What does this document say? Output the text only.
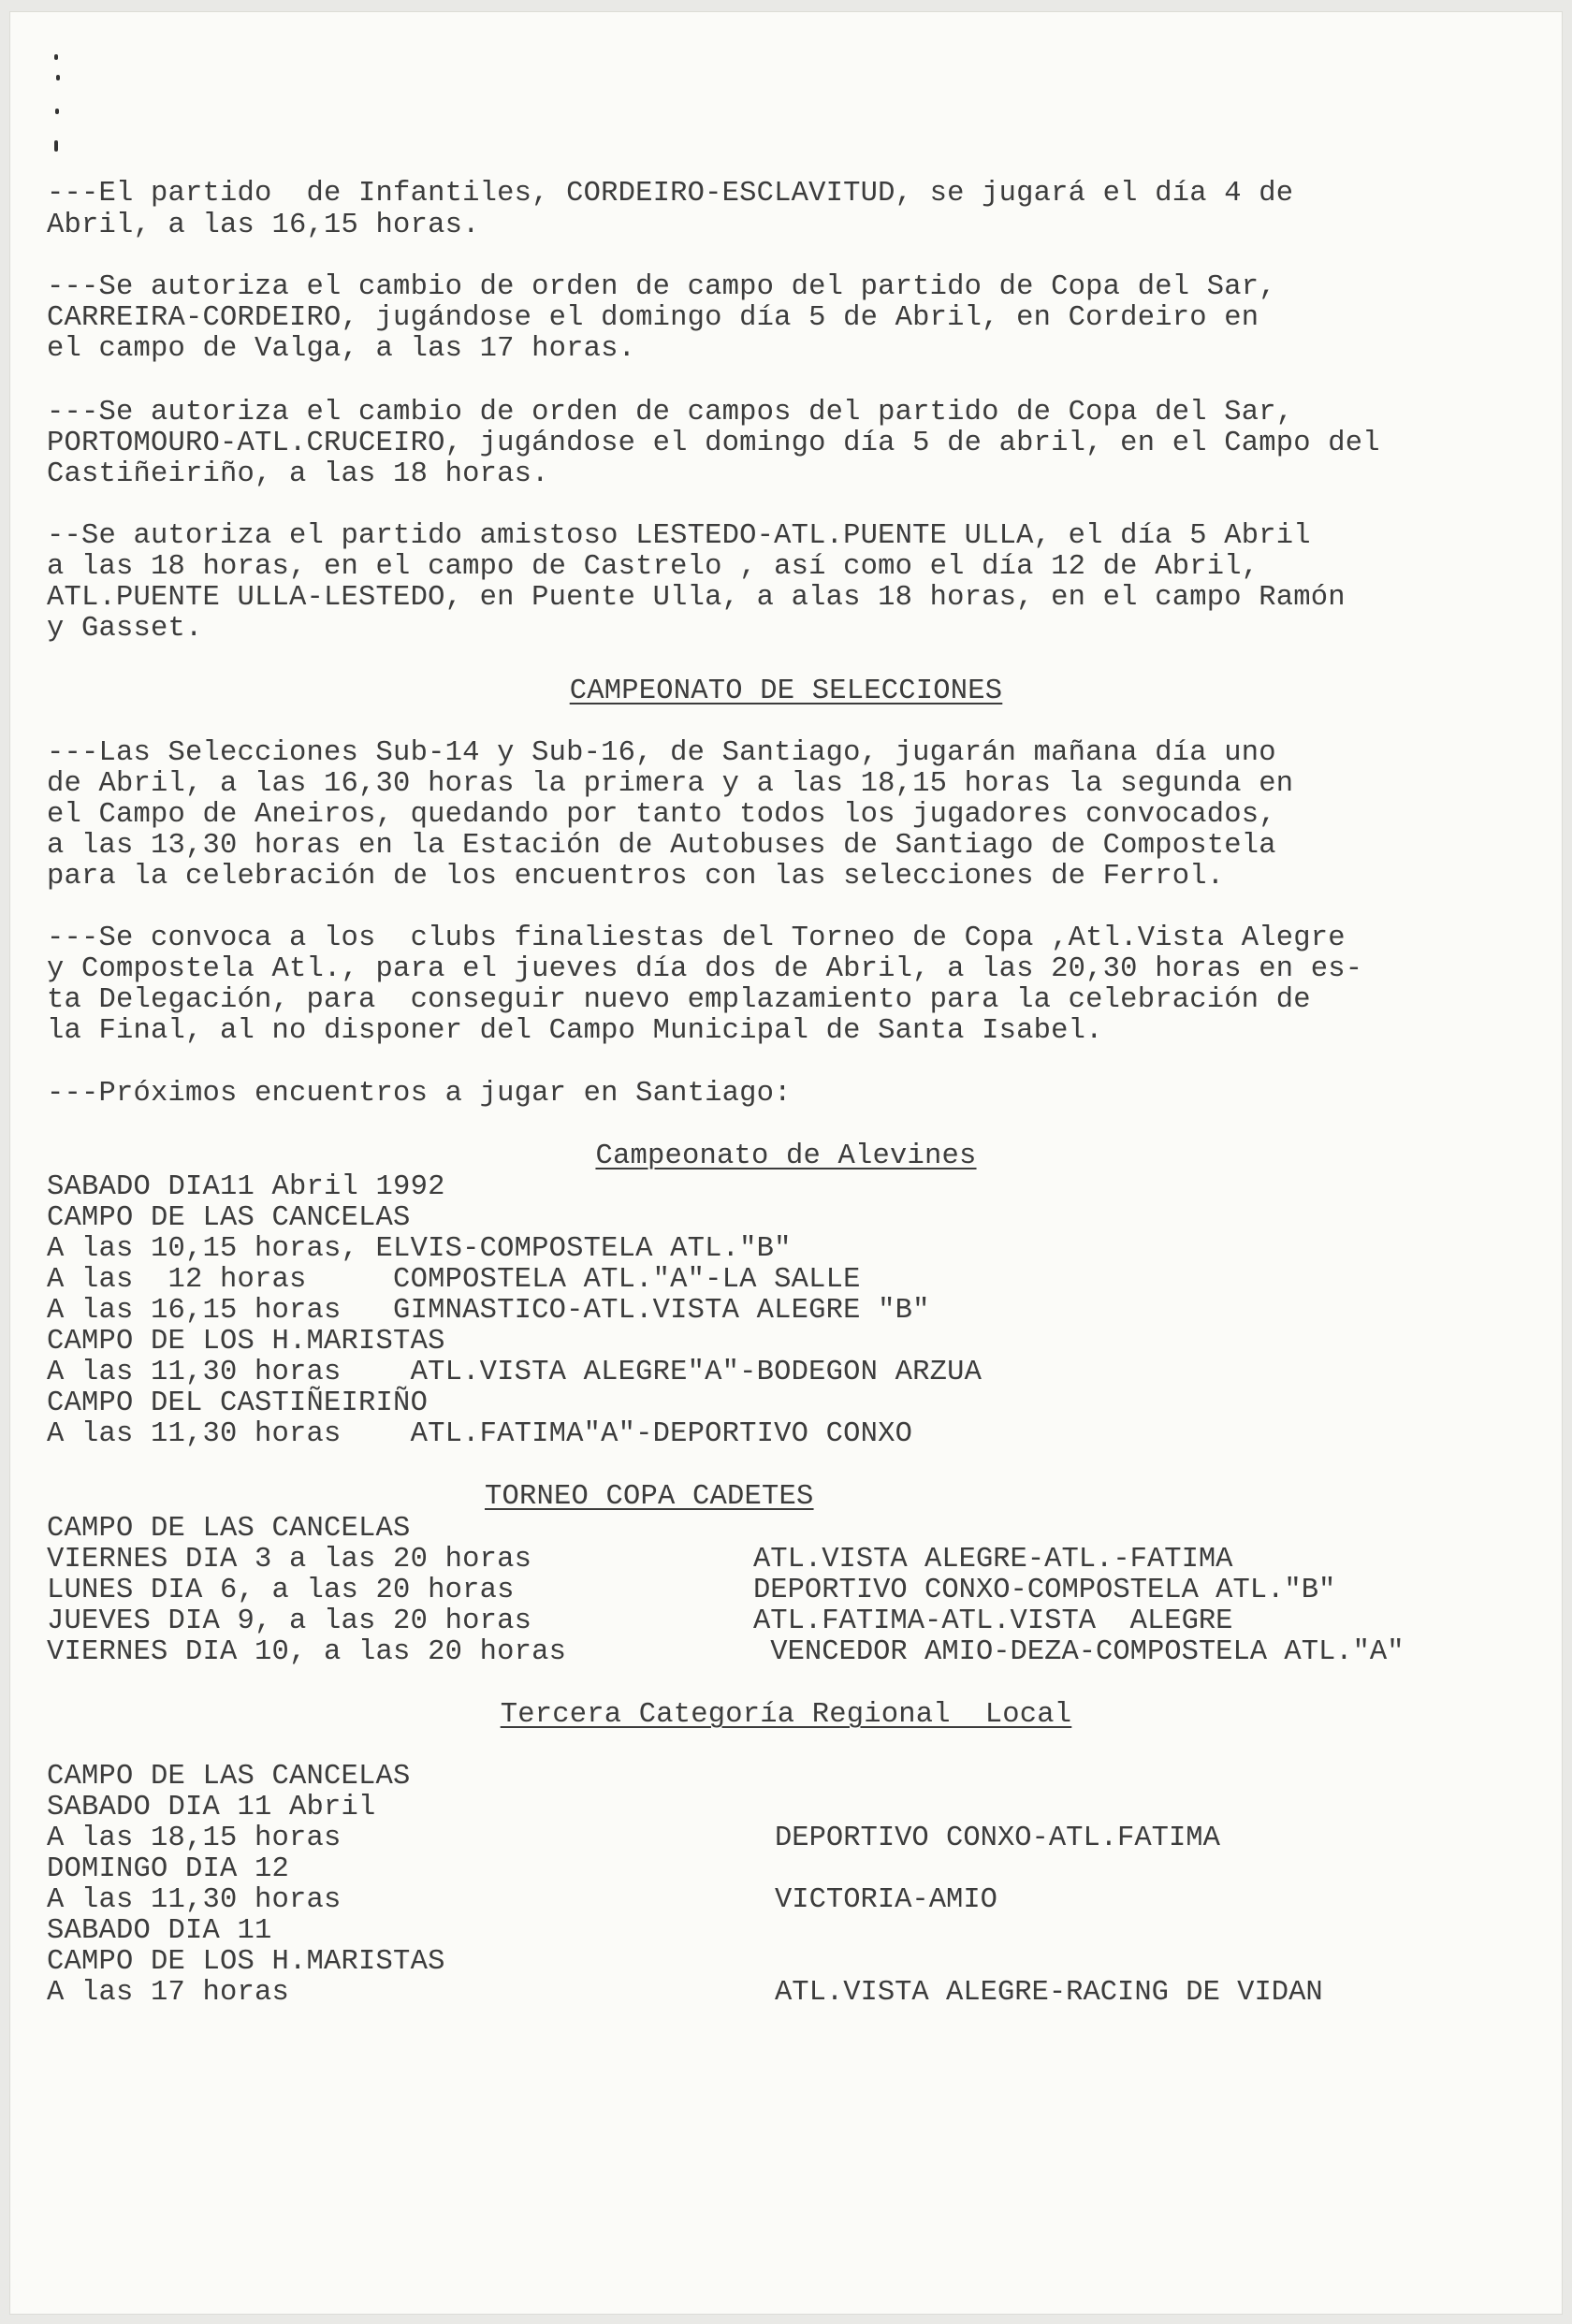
---El partido  de Infantiles, CORDEIRO-ESCLAVITUD, se jugará el día 4 de

Abril, a las 16,15 horas.

---Se autoriza el cambio de orden de campo del partido de Copa del Sar,

CARREIRA-CORDEIRO, jugándose el domingo día 5 de Abril, en Cordeiro en

el campo de Valga, a las 17 horas.

---Se autoriza el cambio de orden de campos del partido de Copa del Sar,

PORTOMOURO-ATL.CRUCEIRO, jugándose el domingo día 5 de abril, en el Campo del

Castiñeiriño, a las 18 horas.

--Se autoriza el partido amistoso LESTEDO-ATL.PUENTE ULLA, el día 5 Abril

a las 18 horas, en el campo de Castrelo , así como el día 12 de Abril,

ATL.PUENTE ULLA-LESTEDO, en Puente Ulla, a alas 18 horas, en el campo Ramón

y Gasset.

CAMPEONATO DE SELECCIONES

---Las Selecciones Sub-14 y Sub-16, de Santiago, jugarán mañana día uno

de Abril, a las 16,30 horas la primera y a las 18,15 horas la segunda en

el Campo de Aneiros, quedando por tanto todos los jugadores convocados,

a las 13,30 horas en la Estación de Autobuses de Santiago de Compostela

para la celebración de los encuentros con las selecciones de Ferrol.

---Se convoca a los  clubs finaliestas del Torneo de Copa ,Atl.Vista Alegre

y Compostela Atl., para el jueves día dos de Abril, a las 20,30 horas en es-

ta Delegación, para  conseguir nuevo emplazamiento para la celebración de

la Final, al no disponer del Campo Municipal de Santa Isabel.

---Próximos encuentros a jugar en Santiago:

Campeonato de Alevines

SABADO DIA11 Abril 1992

CAMPO DE LAS CANCELAS

A las 10,15 horas, ELVIS-COMPOSTELA ATL."B"

A las  12 horas     COMPOSTELA ATL."A"-LA SALLE

A las 16,15 horas   GIMNASTICO-ATL.VISTA ALEGRE "B"

CAMPO DE LOS H.MARISTAS

A las 11,30 horas    ATL.VISTA ALEGRE"A"-BODEGON ARZUA

CAMPO DEL CASTIÑEIRIÑO

A las 11,30 horas    ATL.FATIMA"A"-DEPORTIVO CONXO

TORNEO COPA CADETES

CAMPO DE LAS CANCELAS

VIERNES DIA 3 a las 20 horas	ATL.VISTA ALEGRE-ATL.-FATIMA

LUNES DIA 6, a las 20 horas	DEPORTIVO CONXO-COMPOSTELA ATL."B"

JUEVES DIA 9, a las 20 horas	ATL.FATIMA-ATL.VISTA  ALEGRE

VIERNES DIA 10, a las 20 horas	VENCEDOR AMIO-DEZA-COMPOSTELA ATL."A"

Tercera Categoría Regional  Local

CAMPO DE LAS CANCELAS

SABADO DIA 11 Abril

A las 18,15 horas	DEPORTIVO CONXO-ATL.FATIMA

DOMINGO DIA 12

A las 11,30 horas	VICTORIA-AMIO

SABADO DIA 11

CAMPO DE LOS H.MARISTAS

A las 17 horas	ATL.VISTA ALEGRE-RACING DE VIDAN
